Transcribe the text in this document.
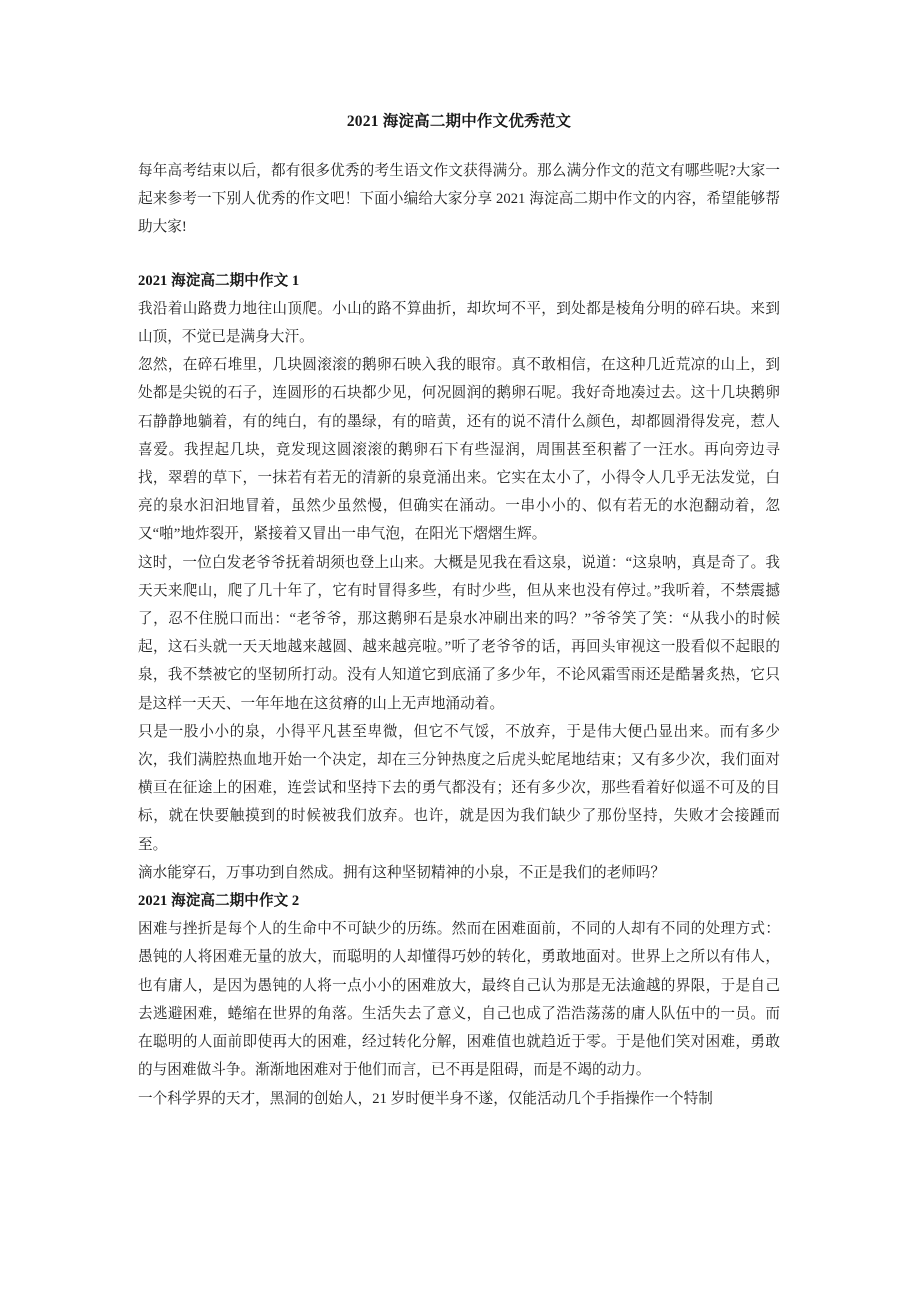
2021 海淀高二期中作文优秀范文

每年高考结束以后，都有很多优秀的考生语文作文获得满分。那么满分作文的范文有哪些呢?大家一起来参考一下别人优秀的作文吧！下面小编给大家分享 2021 海淀高二期中作文的内容，希望能够帮助大家!

2021 海淀高二期中作文 1

我沿着山路费力地往山顶爬。小山的路不算曲折，却坎坷不平，到处都是棱角分明的碎石块。来到山顶，不觉已是满身大汗。

忽然，在碎石堆里，几块圆滚滚的鹅卵石映入我的眼帘。真不敢相信，在这种几近荒凉的山上，到处都是尖锐的石子，连圆形的石块都少见，何况圆润的鹅卵石呢。我好奇地凑过去。这十几块鹅卵石静静地躺着，有的纯白，有的墨绿，有的暗黄，还有的说不清什么颜色，却都圆滑得发亮，惹人喜爱。我捏起几块，竟发现这圆滚滚的鹅卵石下有些湿润，周围甚至积蓄了一汪水。再向旁边寻找，翠碧的草下，一抹若有若无的清新的泉竟涌出来。它实在太小了，小得令人几乎无法发觉，白亮的泉水汩汩地冒着，虽然少虽然慢，但确实在涌动。一串小小的、似有若无的水泡翻动着，忽又“啪”地炸裂开，紧接着又冒出一串气泡，在阳光下熠熠生辉。

这时，一位白发老爷爷抚着胡须也登上山来。大概是见我在看这泉，说道：“这泉呐，真是奇了。我天天来爬山，爬了几十年了，它有时冒得多些，有时少些，但从来也没有停过。”我听着，不禁震撼了，忍不住脱口而出：“老爷爷，那这鹅卵石是泉水冲刷出来的吗？”爷爷笑了笑：“从我小的时候起，这石头就一天天地越来越圆、越来越亮啦。”听了老爷爷的话，再回头审视这一股看似不起眼的泉，我不禁被它的坚韧所打动。没有人知道它到底涌了多少年，不论风霜雪雨还是酷暑炙热，它只是这样一天天、一年年地在这贫瘠的山上无声地涌动着。

只是一股小小的泉，小得平凡甚至卑微，但它不气馁，不放弃，于是伟大便凸显出来。而有多少次，我们满腔热血地开始一个决定，却在三分钟热度之后虎头蛇尾地结束；又有多少次，我们面对横亘在征途上的困难，连尝试和坚持下去的勇气都没有；还有多少次，那些看着好似遥不可及的目标，就在快要触摸到的时候被我们放弃。也许，就是因为我们缺少了那份坚持，失败才会接踵而至。

滴水能穿石，万事功到自然成。拥有这种坚韧精神的小泉，不正是我们的老师吗？

2021 海淀高二期中作文 2

困难与挫折是每个人的生命中不可缺少的历练。然而在困难面前，不同的人却有不同的处理方式：愚钝的人将困难无量的放大，而聪明的人却懂得巧妙的转化，勇敢地面对。世界上之所以有伟人，也有庸人，是因为愚钝的人将一点小小的困难放大，最终自己认为那是无法逾越的界限，于是自己去逃避困难，蜷缩在世界的角落。生活失去了意义，自己也成了浩浩荡荡的庸人队伍中的一员。而在聪明的人面前即使再大的困难，经过转化分解，困难值也就趋近于零。于是他们笑对困难，勇敢的与困难做斗争。渐渐地困难对于他们而言，已不再是阻碍，而是不竭的动力。

一个科学界的天才，黑洞的创始人，21 岁时便半身不遂，仅能活动几个手指操作一个特制
